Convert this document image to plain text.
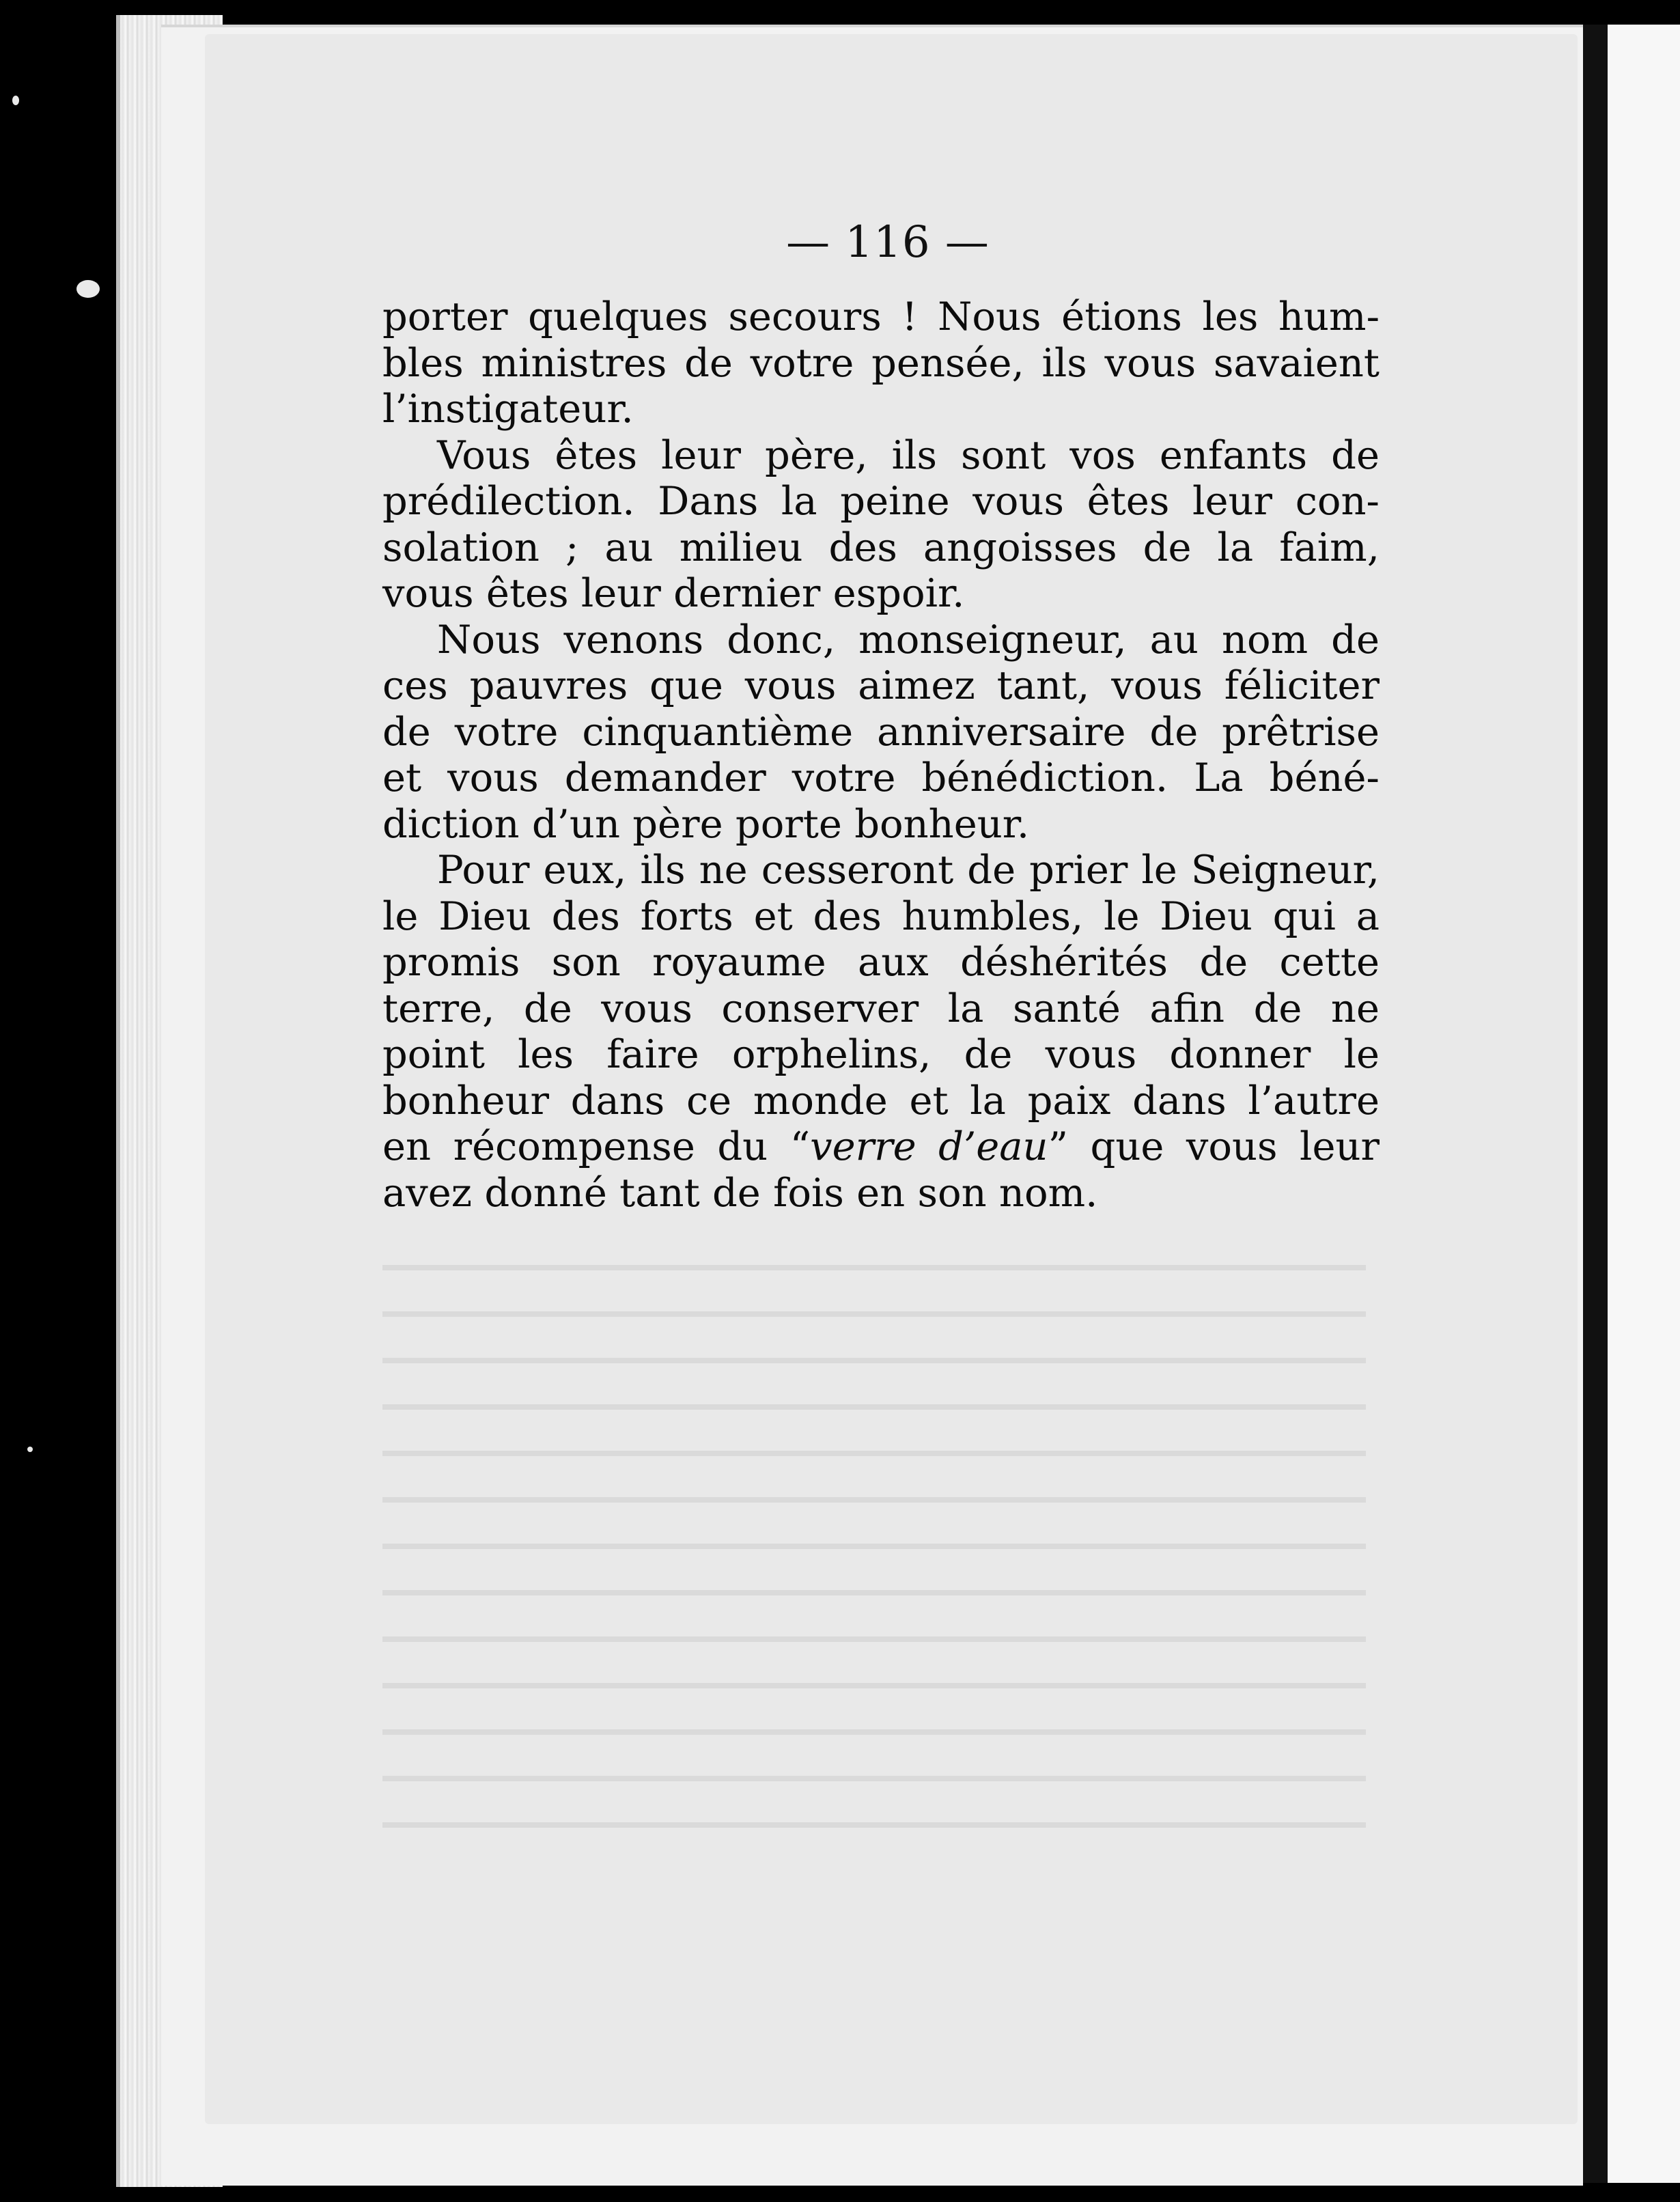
— 116 —

porter quelques secours ! Nous étions les hum-
bles ministres de votre pensée, ils vous savaient
l’instigateur.

Vous êtes leur père, ils sont vos enfants de
prédilection. Dans la peine vous êtes leur con-
solation ; au milieu des angoisses de la faim,
vous êtes leur dernier espoir.

Nous venons donc, monseigneur, au nom de
ces pauvres que vous aimez tant, vous féliciter
de votre cinquantième anniversaire de prêtrise
et vous demander votre bénédiction. La béné-
diction d’un père porte bonheur.

Pour eux, ils ne cesseront de prier le Seigneur,
le Dieu des forts et des humbles, le Dieu qui a
promis son royaume aux déshérités de cette
terre, de vous conserver la santé afin de ne
point les faire orphelins, de vous donner le
bonheur dans ce monde et la paix dans l’autre
en récompense du “verre d’eau” que vous leur
avez donné tant de fois en son nom.
